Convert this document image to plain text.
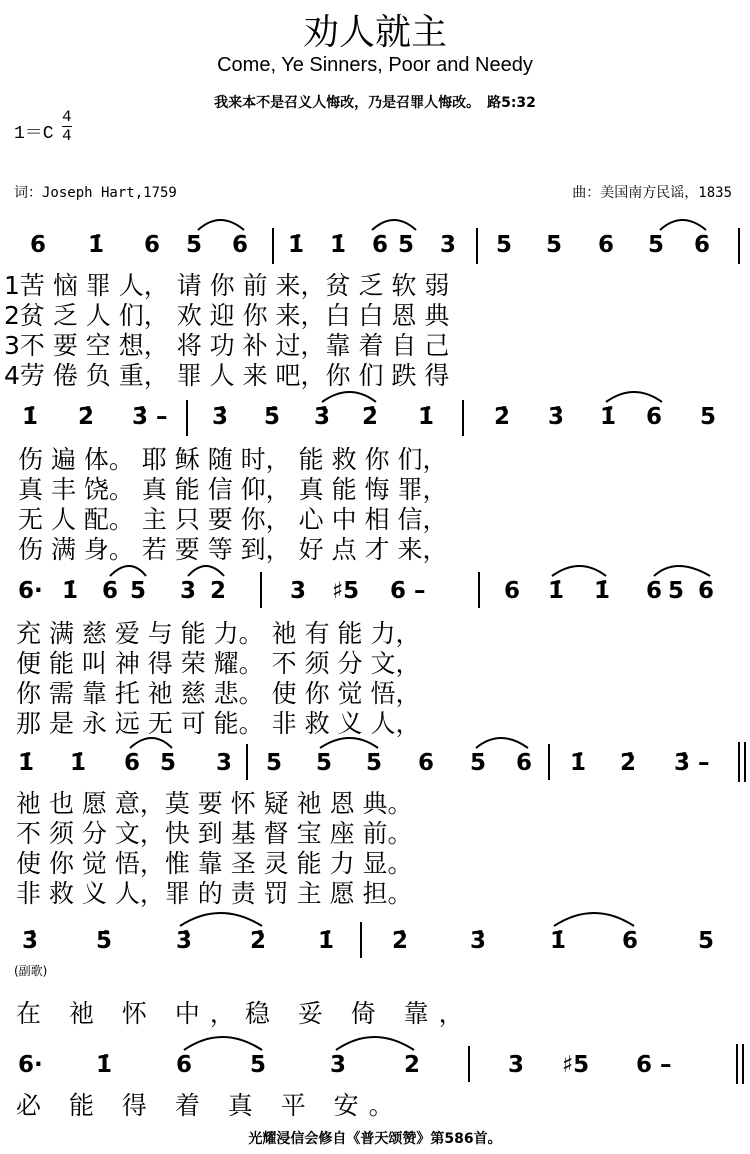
劝人就主
Come, Ye Sinners, Poor and Needy
我来本不是召义人悔改，乃是召罪人悔改。　路5:32
1＝C
4
4
词：Joseph Hart,1759	曲：美国南方民谣，1835
6 1̇ 6 5 6 1̇ 1̇ 6 5 3 5 5 6 5 6
1苦 恼 罪 人， 请 你 前 来，贫 乏 软 弱
2贫 乏 人 们， 欢 迎 你 来，白 白 恩 典
3不 要 空 想， 将 功 补 过，靠 着 自 己
4劳 倦 负 重， 罪 人 来 吧，你 们 跌 得
1̇ 2̇ 3̇ – 3̇ 5̇ 3̇ 2̇ 1̇	2̇ 3̇ 1̇ 6 5
伤 遍 体。 耶 稣 随 时， 能 救 你 们，
真 丰 饶。 真 能 信 仰， 真 能 悔 罪，
无 人 配。 主 只 要 你， 心 中 相 信，
伤 满 身。 若 要 等 到， 好 点 才 来，
6· 1̇ 6 5 3 2	3 ♯5 6 –	6 1̇ 1̇ 6 5 6
充 满 慈 爱 与 能 力。 祂 有 能 力，
便 能 叫 神 得 荣 耀。 不 须 分 文，
你 需 靠 托 祂 慈 悲。 使 你 觉 悟，
那 是 永 远 无 可 能。 非 救 义 人，
1̇ 1̇ 6 5 3 5 5 5 6 5 6 1̇ 2̇ 3̇ –
祂 也 愿 意，莫 要 怀 疑 祂 恩 典。
不 须 分 文，快 到 基 督 宝 座 前。
使 你 觉 悟，惟 靠 圣 灵 能 力 显。
非 救 义 人，罪 的 责 罚 主 愿 担。
3̇	5̇	3̇	2̇ 1̇	2̇	3̇	1̇ 6	5
(副歌)
在 祂 怀 中，稳 妥 倚 靠，
6· 1̇	6	5	3	2	3 ♯5 6 –
必 能 得 着 真 平 安。
光耀浸信会修自《普天颂赞》第586首。
